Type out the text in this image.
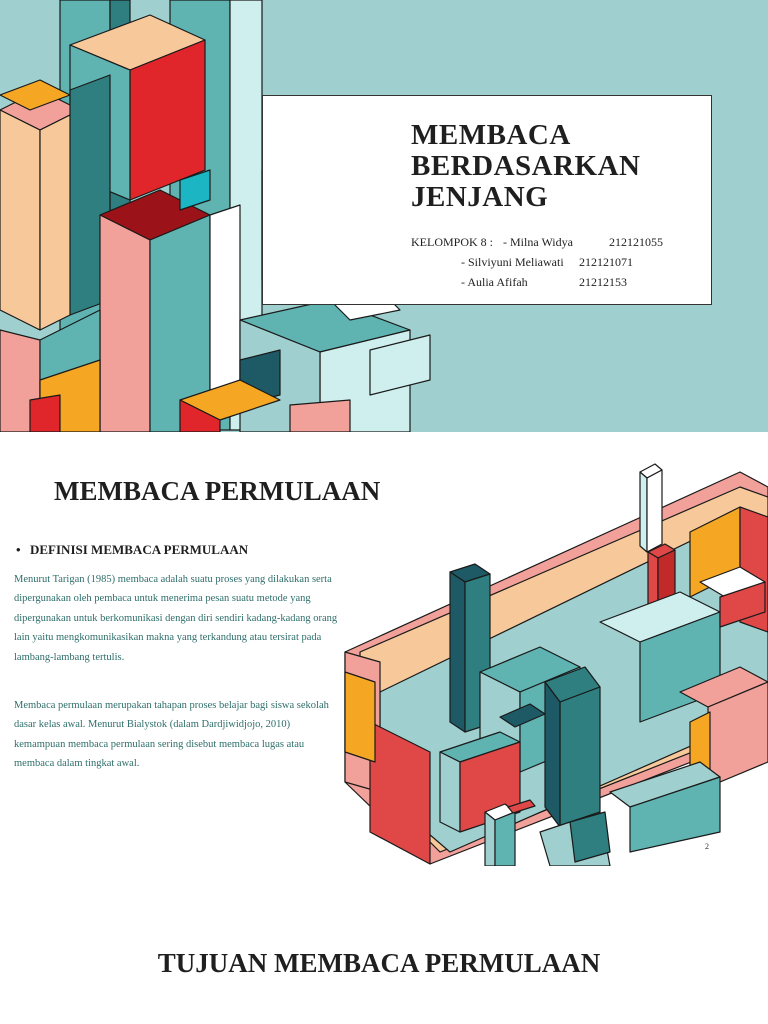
MEMBACA
BERDASARKAN
JENJANG
KELOMPOK 8 : - Milna Widya	212121055
- Silviyuni Meliawati 212121071
- Aulia Afifah	21212153
MEMBACA PERMULAAN
• DEFINISI MEMBACA PERMULAAN

Menurut Tarigan (1985) membaca adalah suatu proses yang dilakukan serta dipergunakan oleh pembaca untuk menerima pesan suatu metode yang dipergunakan untuk berkomunikasi dengan diri sendiri kadang-kadang orang lain yaitu mengkomunikasikan makna yang terkandung atau tersirat pada lambang-lambang tertulis.

Membaca permulaan merupakan tahapan proses belajar bagi siswa sekolah dasar kelas awal. Menurut Bialystok (dalam Dardjiwidjojo, 2010) kemampuan membaca permulaan sering disebut membaca lugas atau membaca dalam tingkat awal.

2
TUJUAN MEMBACA PERMULAAN
